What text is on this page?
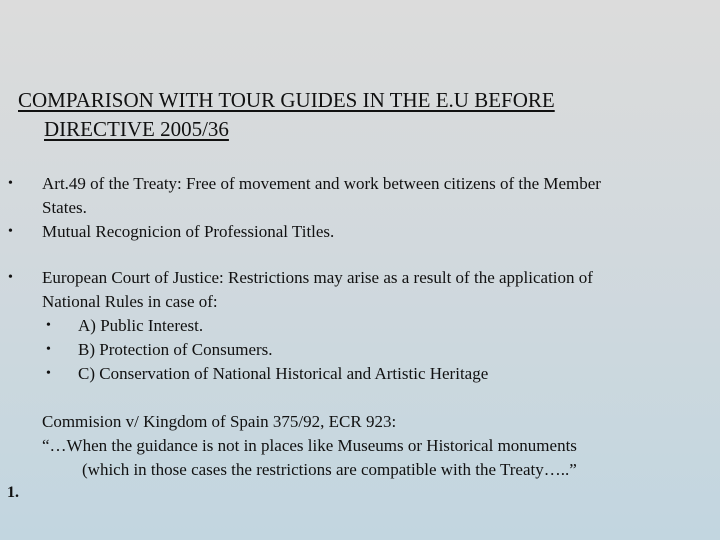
COMPARISON WITH TOUR GUIDES IN THE E.U BEFORE
DIRECTIVE 2005/36
• Art.49 of the Treaty: Free of movement and work between citizens of the Member
States.
• Mutual Recognicion of Professional Titles.
• European Court of Justice: Restrictions may arise as a result of the application of
National Rules in case of:
• A) Public Interest.
• B) Protection of Consumers.
• C) Conservation of National Historical and Artistic Heritage
Commision v/ Kingdom of Spain 375/92, ECR 923:
“…When the guidance is not in places like Museums or Historical monuments

(which in those cases the restrictions are compatible with the Treaty…..”
1.
